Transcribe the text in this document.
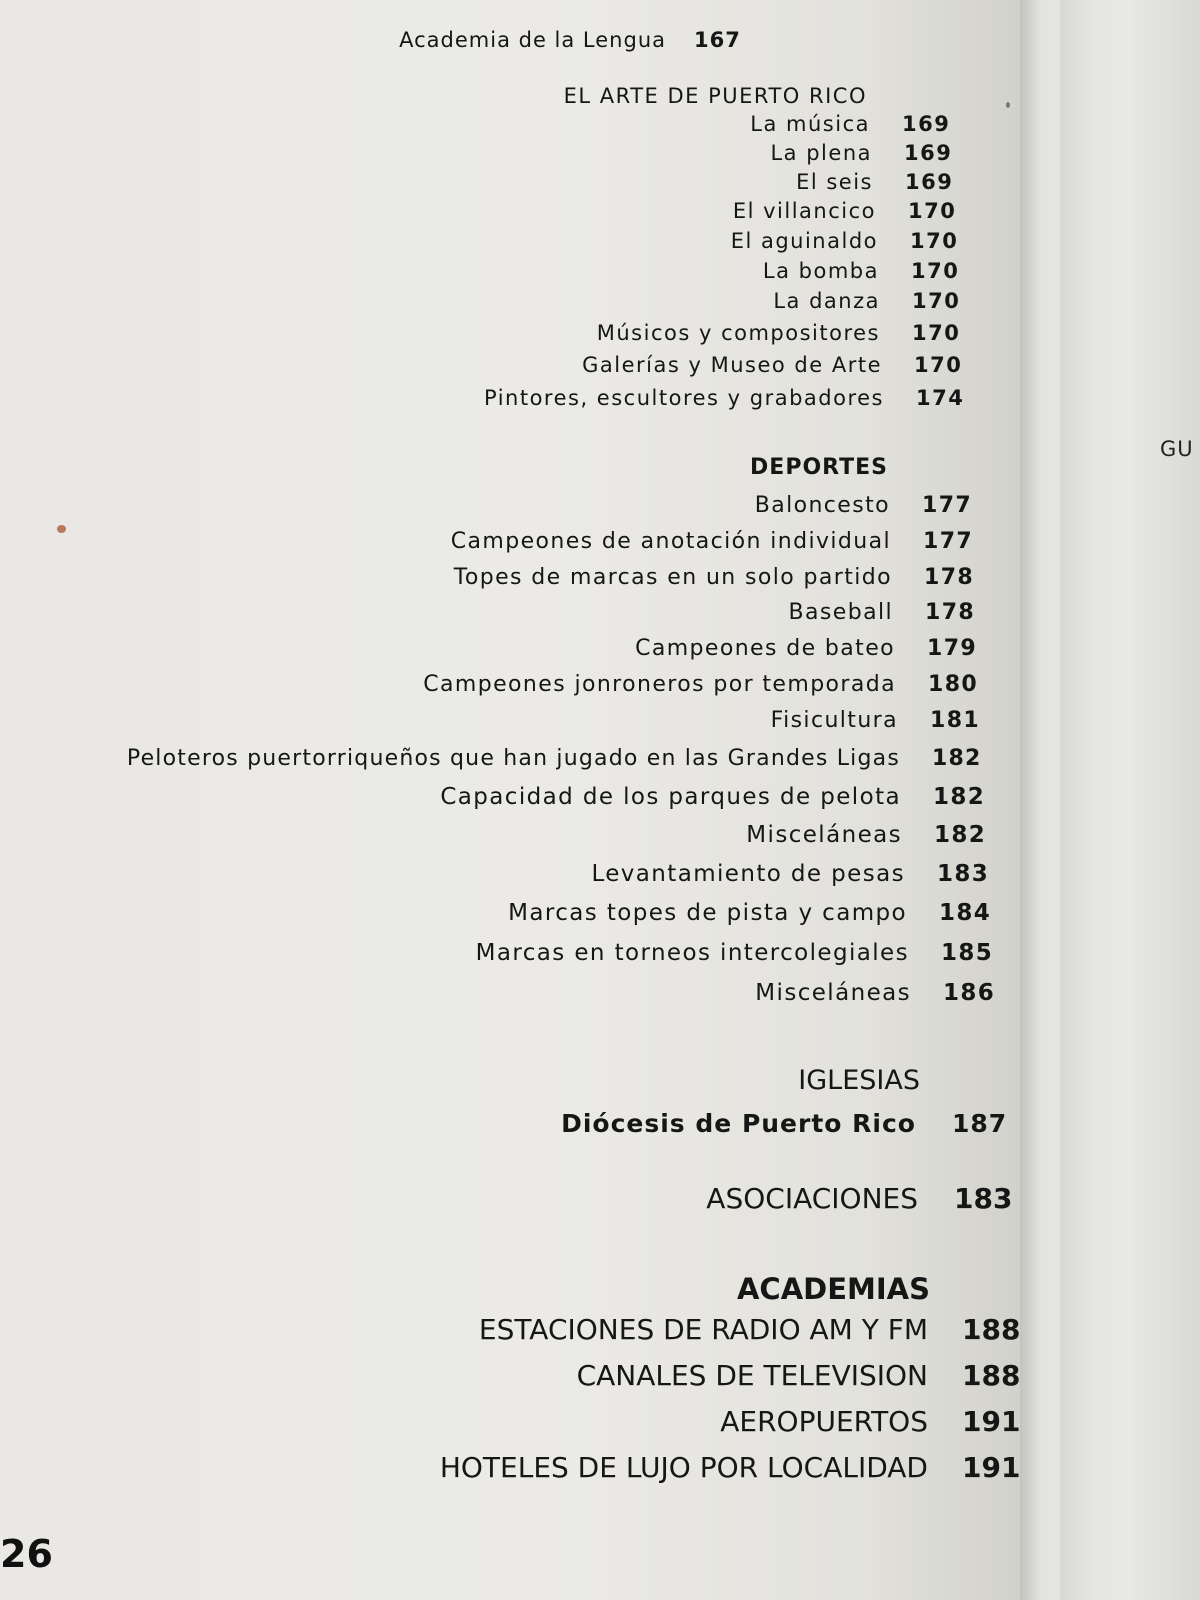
Academia de la Lengua 167
EL ARTE DE PUERTO RICO
La música 169
La plena 169
El seis 169
El villancico 170
El aguinaldo 170
La bomba 170
La danza 170
Músicos y compositores 170
Galerías y Museo de Arte 170
Pintores, escultores y grabadores 174
DEPORTES
Baloncesto 177
Campeones de anotación individual 177
Topes de marcas en un solo partido 178
Baseball 178
Campeones de bateo 179
Campeones jonroneros por temporada 180
Fisicultura 181
Peloteros puertorriqueños que han jugado en las Grandes Ligas 182
Capacidad de los parques de pelota 182
Misceláneas 182
Levantamiento de pesas 183
Marcas topes de pista y campo 184
Marcas en torneos intercolegiales 185
Misceláneas 186
IGLESIAS
Diócesis de Puerto Rico 187
ASOCIACIONES 183
ACADEMIAS
ESTACIONES DE RADIO AM Y FM 188
CANALES DE TELEVISION 188
AEROPUERTOS 191
HOTELES DE LUJO POR LOCALIDAD 191
26
GU
